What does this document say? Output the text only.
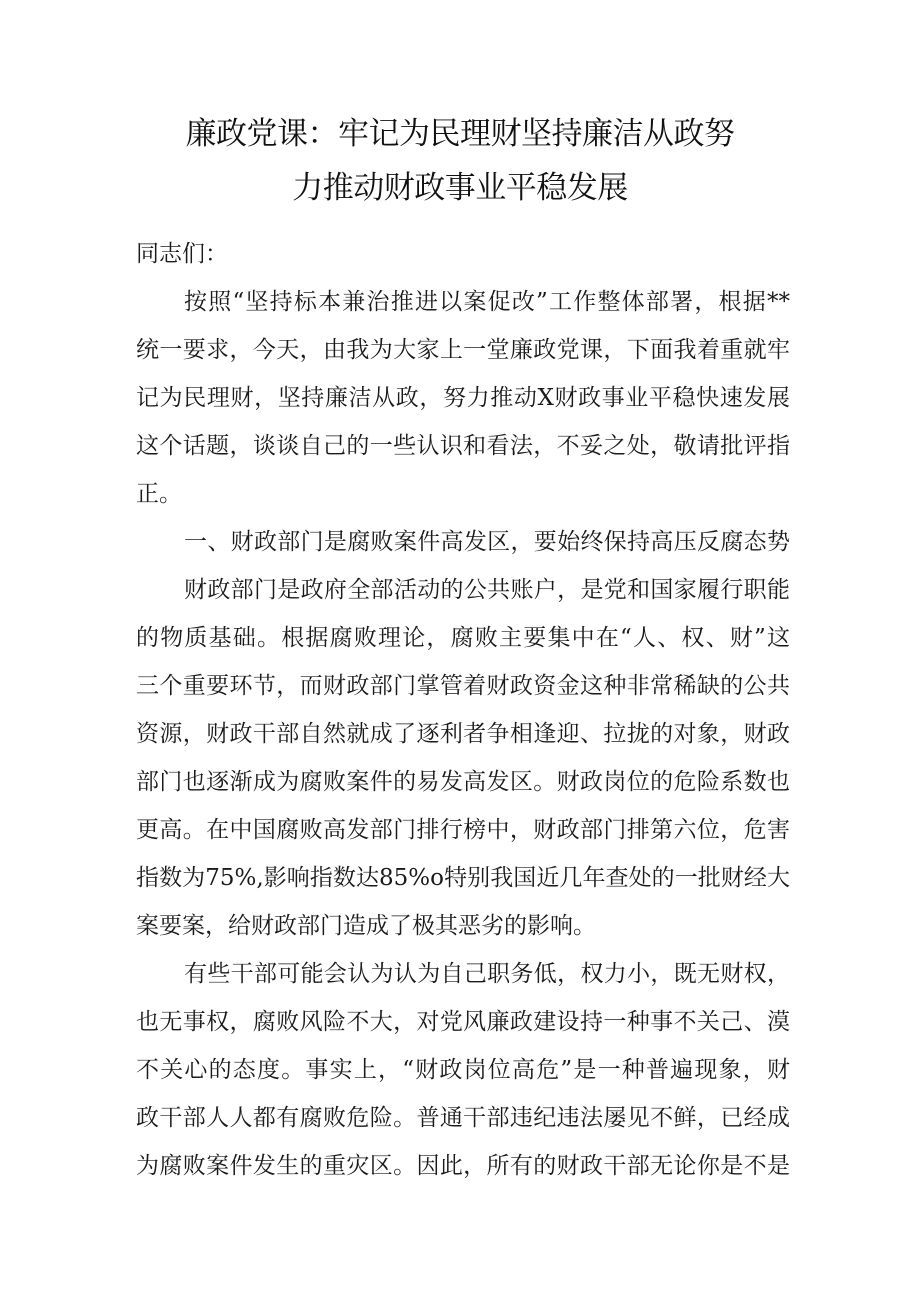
廉政党课：牢记为民理财坚持廉洁从政努
力推动财政事业平稳发展
同志们：
按照“坚持标本兼治推进以案促改”工作整体部署，根据**
统一要求，今天，由我为大家上一堂廉政党课，下面我着重就牢
记为民理财，坚持廉洁从政，努力推动X财政事业平稳快速发展
这个话题，谈谈自己的一些认识和看法，不妥之处，敬请批评指
正。
一、财政部门是腐败案件高发区，要始终保持高压反腐态势
财政部门是政府全部活动的公共账户，是党和国家履行职能
的物质基础。根据腐败理论，腐败主要集中在“人、权、财”这
三个重要环节，而财政部门掌管着财政资金这种非常稀缺的公共
资源，财政干部自然就成了逐利者争相逢迎、拉拢的对象，财政
部门也逐渐成为腐败案件的易发高发区。财政岗位的危险系数也
更高。在中国腐败高发部门排行榜中，财政部门排第六位，危害
指数为75%,影响指数达85%o特别我国近几年查处的一批财经大
案要案，给财政部门造成了极其恶劣的影响。
有些干部可能会认为认为自己职务低，权力小，既无财权，
也无事权，腐败风险不大，对党风廉政建设持一种事不关己、漠
不关心的态度。事实上，“财政岗位高危”是一种普遍现象，财
政干部人人都有腐败危险。普通干部违纪违法屡见不鲜，已经成
为腐败案件发生的重灾区。因此，所有的财政干部无论你是不是
